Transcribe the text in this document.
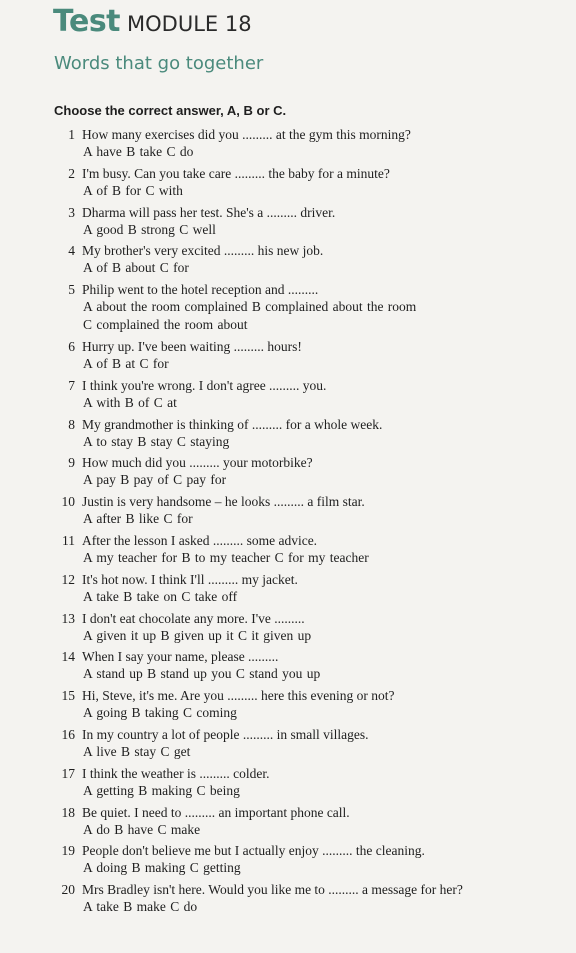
Test MODULE 18
Words that go together
Choose the correct answer, A, B or C.
1 How many exercises did you ......... at the gym this morning?
A have B take C do
2 I'm busy. Can you take care ......... the baby for a minute?
A of B for C with
3 Dharma will pass her test. She's a ......... driver.
A good B strong C well
4 My brother's very excited ......... his new job.
A of B about C for
5 Philip went to the hotel reception and .........
A about the room complained B complained about the room
C complained the room about
6 Hurry up. I've been waiting ......... hours!
A of B at C for
7 I think you're wrong. I don't agree ......... you.
A with B of C at
8 My grandmother is thinking of ......... for a whole week.
A to stay B stay C staying
9 How much did you ......... your motorbike?
A pay B pay of C pay for
10 Justin is very handsome – he looks ......... a film star.
A after B like C for
11 After the lesson I asked ......... some advice.
A my teacher for B to my teacher C for my teacher
12 It's hot now. I think I'll ......... my jacket.
A take B take on C take off
13 I don't eat chocolate any more. I've .........
A given it up B given up it C it given up
14 When I say your name, please .........
A stand up B stand up you C stand you up
15 Hi, Steve, it's me. Are you ......... here this evening or not?
A going B taking C coming
16 In my country a lot of people ......... in small villages.
A live B stay C get
17 I think the weather is ......... colder.
A getting B making C being
18 Be quiet. I need to ......... an important phone call.
A do B have C make
19 People don't believe me but I actually enjoy ......... the cleaning.
A doing B making C getting
20 Mrs Bradley isn't here. Would you like me to ......... a message for her?
A take B make C do
